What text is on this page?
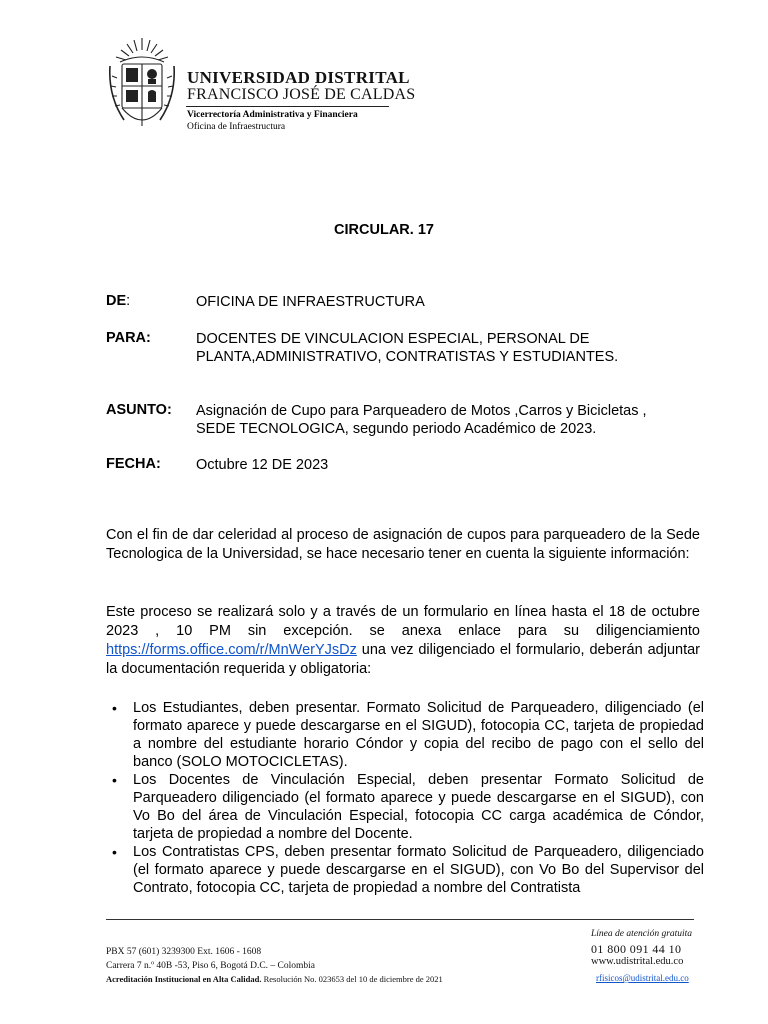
UNIVERSIDAD DISTRITAL
FRANCISCO JOSÉ DE CALDAS
Vicerrectoría Administrativa y Financiera
Oficina de Infraestructura
CIRCULAR. 17
DE:	OFICINA DE INFRAESTRUCTURA
PARA:	DOCENTES DE VINCULACION ESPECIAL, PERSONAL DE PLANTA,ADMINISTRATIVO, CONTRATISTAS Y ESTUDIANTES.
ASUNTO: Asignación de Cupo para Parqueadero de Motos ,Carros y Bicicletas , SEDE TECNOLOGICA, segundo periodo Académico de 2023.
FECHA: Octubre 12 DE 2023
Con el fin de dar celeridad al proceso de asignación de cupos para parqueadero de la Sede Tecnologica de la Universidad, se hace necesario tener en cuenta la siguiente información:
Este proceso se realizará solo y a través de un formulario en línea hasta el 18 de octubre 2023 , 10 PM sin excepción. se anexa enlace para su diligenciamiento https://forms.office.com/r/MnWerYJsDz una vez diligenciado el formulario, deberán adjuntar la documentación requerida y obligatoria:
• Los Estudiantes, deben presentar. Formato Solicitud de Parqueadero, diligenciado (el formato aparece y puede descargarse en el SIGUD), fotocopia CC, tarjeta de propiedad a nombre del estudiante horario Cóndor y copia del recibo de pago con el sello del banco (SOLO MOTOCICLETAS).
• Los Docentes de Vinculación Especial, deben presentar Formato Solicitud de Parqueadero diligenciado (el formato aparece y puede descargarse en el SIGUD), con Vo Bo del área de Vinculación Especial, fotocopia CC carga académica de Cóndor, tarjeta de propiedad a nombre del Docente.
• Los Contratistas CPS, deben presentar formato Solicitud de Parqueadero, diligenciado (el formato aparece y puede descargarse en el SIGUD), con Vo Bo del Supervisor del Contrato, fotocopia CC, tarjeta de propiedad a nombre del Contratista
PBX 57 (601) 3239300 Ext. 1606 - 1608
Carrera 7 n.º 40B -53, Piso 6, Bogotá D.C. – Colombia
Acreditación Institucional en Alta Calidad. Resolución No. 023653 del 10 de diciembre de 2021
Línea de atención gratuita
01 800 091 44 10
www.udistrital.edu.co
rfisicos@udistrital.edu.co
